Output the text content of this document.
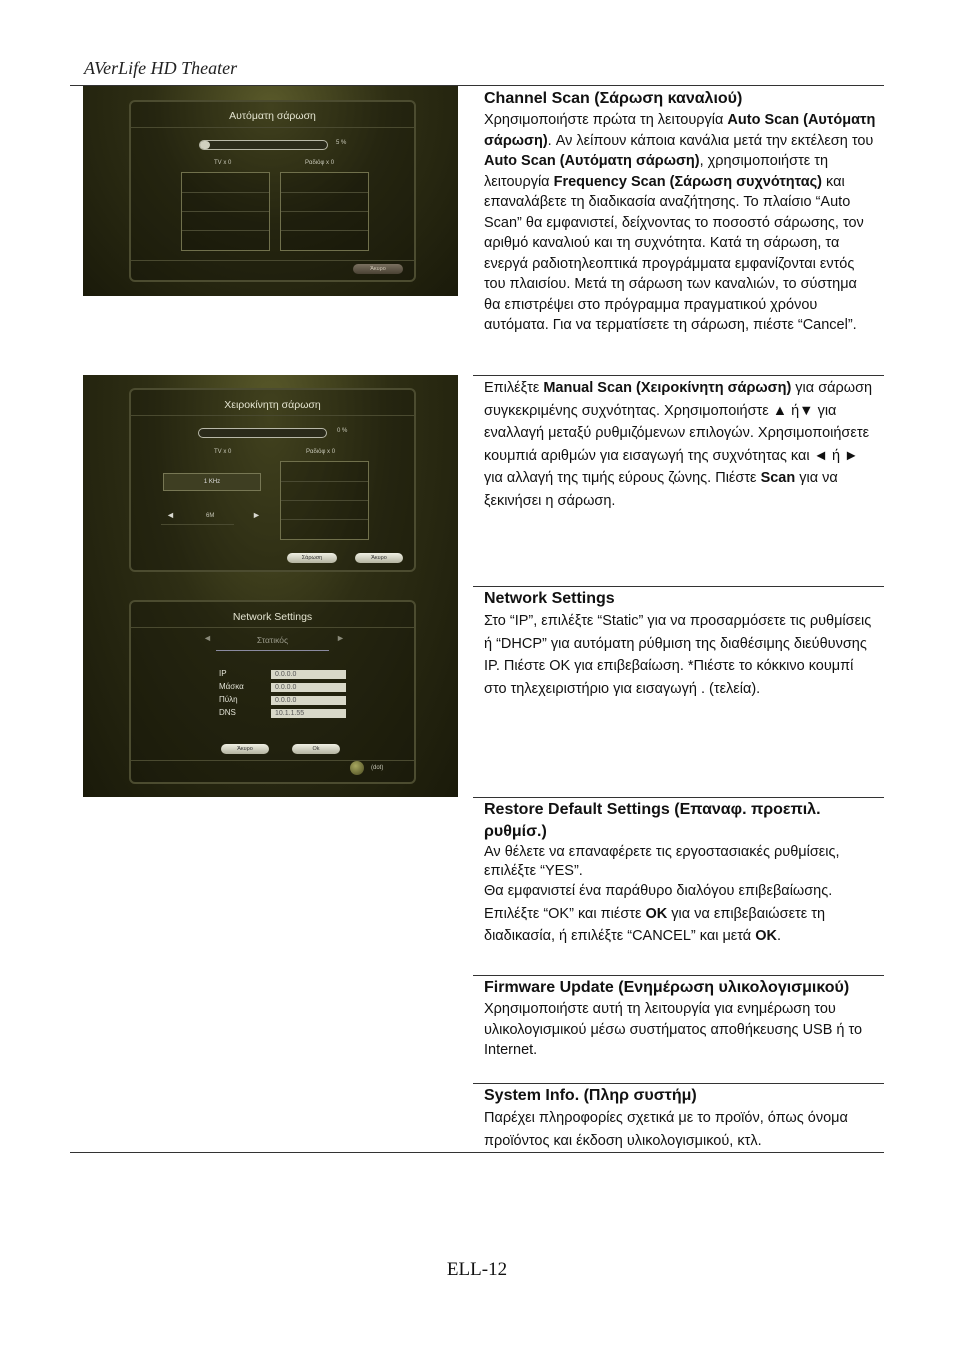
AVerLife HD Theater
Αυτόματη σάρωση
5 %
TV x 0	Ραδιόφ x 0
Άκυρο
Χειροκίνητη σάρωση
0 %
TV x 0	Ραδιόφ x 0
1 KHz
◄	6M	►
Σάρωση	Άκυρο
Network Settings
◄	Στατικός	►
IP	0.0.0.0
Μάσκα	0.0.0.0
Πύλη	0.0.0.0
DNS	10.1.1.55
Άκυρο	Ok
(dot)
Channel Scan (Σάρωση καναλιού)

Χρησιμοποιήστε πρώτα τη λειτουργία Auto Scan (Αυτόματη σάρωση). Αν λείπουν κάποια κανάλια μετά την εκτέλεση του Auto Scan (Αυτόματη σάρωση), χρησιμοποιήστε τη λειτουργία Frequency Scan (Σάρωση συχνότητας) και επαναλάβετε τη διαδικασία αναζήτησης. Το πλαίσιο “Auto Scan” θα εμφανιστεί, δείχνοντας το ποσοστό σάρωσης, τον αριθμό καναλιού και τη συχνότητα. Κατά τη σάρωση, τα ενεργά ραδιοτηλεοπτικά προγράμματα εμφανίζονται εντός του πλαισίου. Μετά τη σάρωση των καναλιών, το σύστημα θα επιστρέψει στο πρόγραμμα πραγματικού χρόνου αυτόματα. Για να τερματίσετε τη σάρωση, πιέστε “Cancel”.

Επιλέξτε Manual Scan (Χειροκίνητη σάρωση) για σάρωση συγκεκριμένης συχνότητας. Χρησιμοποιήστε ▲ ή▼ για εναλλαγή μεταξύ ρυθμιζόμενων επιλογών. Χρησιμοποιήσετε κουμπιά αριθμών για εισαγωγή της συχνότητας και ◄ ή ► για αλλαγή της τιμής εύρους ζώνης. Πιέστε Scan για να ξεκινήσει η σάρωση.

Network Settings

Στο “IP”, επιλέξτε “Static” για να προσαρμόσετε τις ρυθμίσεις ή “DHCP” για αυτόματη ρύθμιση της διαθέσιμης διεύθυνσης IP. Πιέστε OK για επιβεβαίωση. *Πιέστε το κόκκινο κουμπί στο τηλεχειριστήριο για εισαγωγή . (τελεία).

Restore Default Settings (Επαναφ. προεπιλ. ρυθμίσ.)

Αν θέλετε να επαναφέρετε τις εργοστασιακές ρυθμίσεις, επιλέξτε “YES”.

Θα εμφανιστεί ένα παράθυρο διαλόγου επιβεβαίωσης. Επιλέξτε “OK” και πιέστε OK για να επιβεβαιώσετε τη διαδικασία, ή επιλέξτε “CANCEL” και μετά OK.

Firmware Update (Ενημέρωση υλικολογισμικού)

Χρησιμοποιήστε αυτή τη λειτουργία για ενημέρωση του υλικολογισμικού μέσω συστήματος αποθήκευσης USB ή το Internet.

System Info. (Πληρ συστήμ)

Παρέχει πληροφορίες σχετικά με το προϊόν, όπως όνομα προϊόντος και έκδοση υλικολογισμικού, κτλ.

ELL-12
